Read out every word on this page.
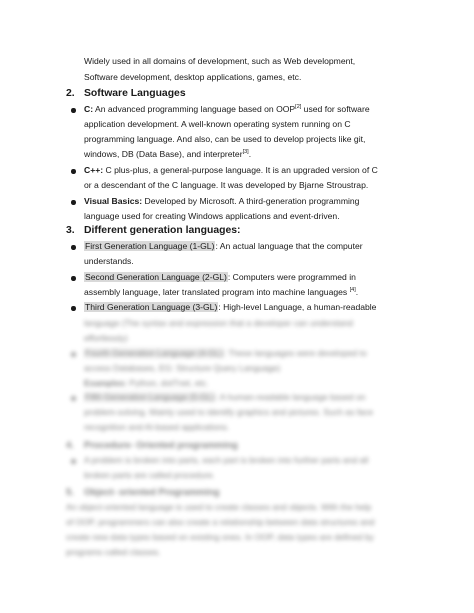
Widely used in all domains of development, such as Web development,
Software development, desktop applications, games, etc.
2. Software Languages
C: An advanced programming language based on OOP[2] used for software
application development. A well-known operating system running on C
programming language. And also, can be used to develop projects like git,
windows, DB (Data Base), and interpreter[3].
C++: C plus-plus, a general-purpose language. It is an upgraded version of C
or a descendant of the C language. It was developed by Bjarne Stroustrap.
Visual Basics: Developed by Microsoft. A third-generation programming
language used for creating Windows applications and event-driven.
3. Different generation languages:
First Generation Language (1-GL): An actual language that the computer
understands.
Second Generation Language (2-GL): Computers were programmed in
assembly language, later translated program into machine languages [4].
Third Generation Language (3-GL): High-level Language, a human-readable
language (The syntax and expression that a developer can understand
effortlessly)
Fourth Generation Language (4-GL): These languages were developed to
access Databases, EG: Structure Query Language)
Examples: Python, dotTnet, etc.
Fifth Generation Language (5-GL): A human-readable language based on
problem-solving. Mainly used to identify graphics and pictures. Such as face
recognition and AI-based applications.
4. Procedure- Oriented programming
A problem is broken into parts, each part is broken into further parts and all
broken parts are called procedure.
5. Object- oriented Programming
An object-oriented language is used to create classes and objects. With the help
of OOP, programmers can also create a relationship between data structures and
create new data types based on existing ones. In OOP, data types are defined by
programs called classes.
